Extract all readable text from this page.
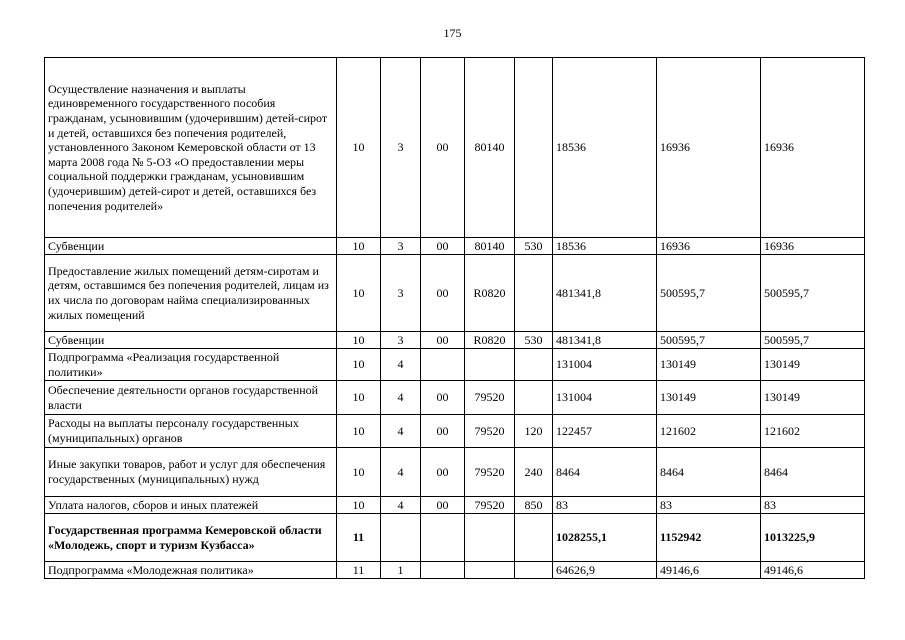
175
Осуществление назначения и выплаты единовременного государственного пособия гражданам, усыновившим (удочерившим) детей-сирот и детей, оставшихся без попечения родителей, установленного Законом Кемеровской области от 13 марта 2008 года № 5-ОЗ «О предоставлении меры социальной поддержки гражданам, усыновившим (удочерившим) детей-сирот и детей, оставшихся без попечения родителей»	10	3	00	80140		18536	16936	16936
Субвенции	10	3	00	80140	530	18536	16936	16936
Предоставление жилых помещений детям-сиротам и детям, оставшимся без попечения родителей, лицам из их числа по договорам найма специализированных жилых помещений	10	3	00	R0820		481341,8	500595,7	500595,7
Субвенции	10	3	00	R0820	530	481341,8	500595,7	500595,7
Подпрограмма «Реализация государственной политики»	10	4				131004	130149	130149
Обеспечение деятельности органов государственной власти	10	4	00	79520		131004	130149	130149
Расходы на выплаты персоналу государственных (муниципальных) органов	10	4	00	79520	120	122457	121602	121602
Иные закупки товаров, работ и услуг для обеспечения государственных (муниципальных) нужд	10	4	00	79520	240	8464	8464	8464
Уплата налогов, сборов и иных платежей	10	4	00	79520	850	83	83	83
Государственная программа Кемеровской области «Молодежь, спорт и туризм Кузбасса»	11					1028255,1	1152942	1013225,9
Подпрограмма «Молодежная политика»	11	1				64626,9	49146,6	49146,6
